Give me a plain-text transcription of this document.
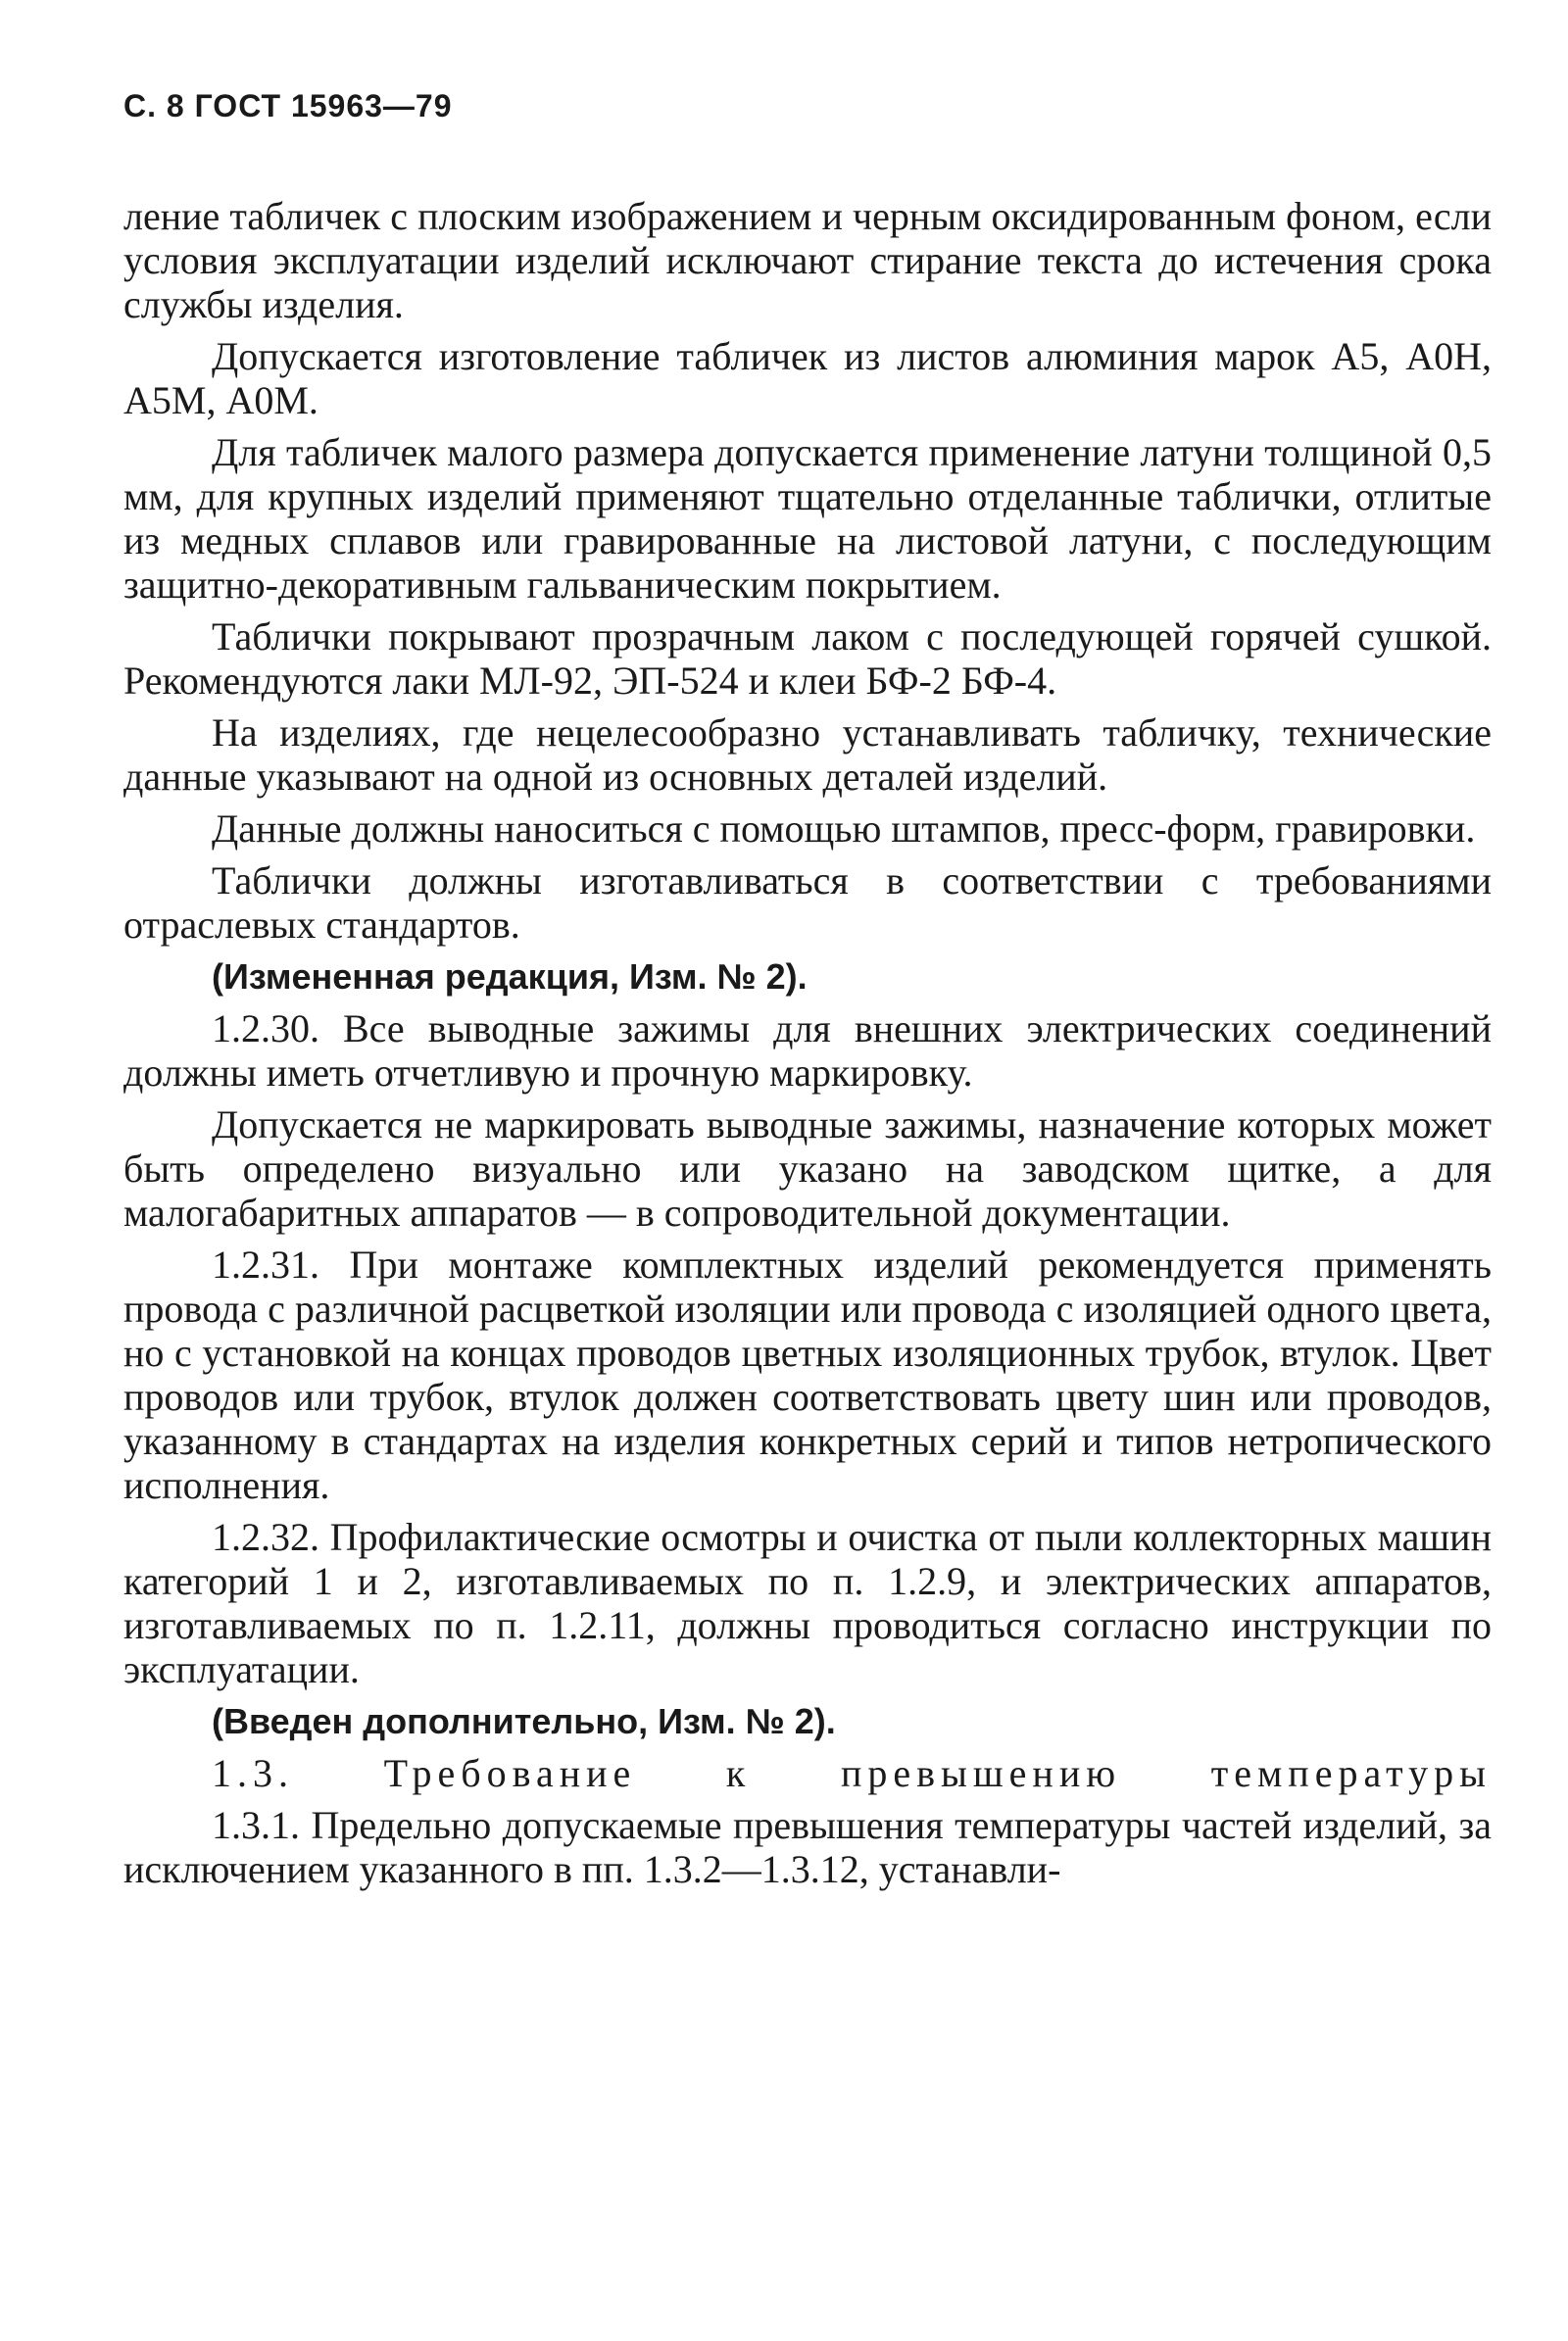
С. 8 ГОСТ 15963—79

ление табличек с плоским изображением и черным оксидированным фоном, если условия эксплуатации изделий исключают стирание текста до истечения срока службы изделия.

Допускается изготовление табличек из листов алюминия марок А5, А0Н, А5М, А0М.

Для табличек малого размера допускается применение латуни толщиной 0,5 мм, для крупных изделий применяют тщательно отделанные таблички, отлитые из медных сплавов или гравированные на листовой латуни, с последующим защитно-декоративным гальваническим покрытием.

Таблички покрывают прозрачным лаком с последующей горячей сушкой. Рекомендуются лаки МЛ-92, ЭП-524 и клеи БФ-2 БФ-4.

На изделиях, где нецелесообразно устанавливать табличку, технические данные указывают на одной из основных деталей изделий.

Данные должны наноситься с помощью штампов, пресс-форм, гравировки.

Таблички должны изготавливаться в соответствии с требованиями отраслевых стандартов.

(Измененная редакция, Изм. № 2).

1.2.30. Все выводные зажимы для внешних электрических соединений должны иметь отчетливую и прочную маркировку.

Допускается не маркировать выводные зажимы, назначение которых может быть определено визуально или указано на заводском щитке, а для малогабаритных аппаратов — в сопроводительной документации.

1.2.31. При монтаже комплектных изделий рекомендуется применять провода с различной расцветкой изоляции или провода с изоляцией одного цвета, но с установкой на концах проводов цветных изоляционных трубок, втулок. Цвет проводов или трубок, втулок должен соответствовать цвету шин или проводов, указанному в стандартах на изделия конкретных серий и типов нетропического исполнения.

1.2.32. Профилактические осмотры и очистка от пыли коллекторных машин категорий 1 и 2, изготавливаемых по п. 1.2.9, и электрических аппаратов, изготавливаемых по п. 1.2.11, должны проводиться согласно инструкции по эксплуатации.

(Введен дополнительно, Изм. № 2).

1.3. Требование к превышению температуры

1.3.1. Предельно допускаемые превышения температуры частей изделий, за исключением указанного в пп. 1.3.2—1.3.12, устанавли-
